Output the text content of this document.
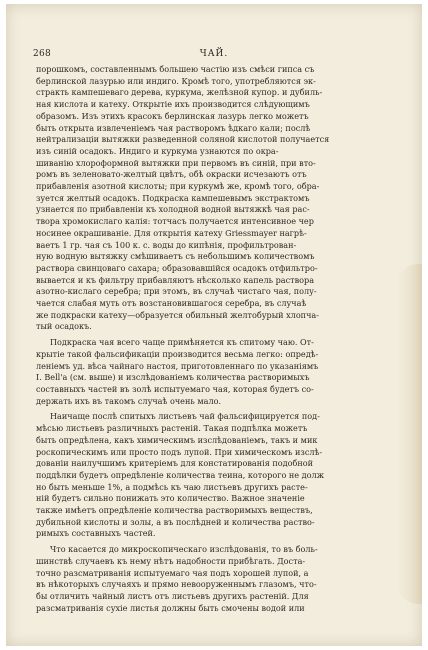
268	ЧАЙ.
порошкомъ, составленнымъ большею частію изъ смѣси гипса съ
берлинской лазурью или индиго. Кромѣ того, употребляются эк-
стракть кампешеваго дерева, куркума, желѣзной купор. и дубиль-
ная кислота и катеху. Открытіе ихъ производится слѣдующимъ
образомъ. Изъ этихъ красокъ берлинская лазурь легко можетъ
быть открыта извлеченіемъ чая растворомъ ѣдкаго кали; послѣ
нейтрализаціи вытяжки разведенной соляной кислотой получается
изъ синій осадокъ. Индиго и куркума узнаются по окра-
шиванію хлороформной вытяжки при первомъ въ синій, при вто-
ромъ въ зеленовато-желтый цвѣтъ, обѣ окраски исчезаютъ отъ
прибавленія азотной кислоты; при куркумѣ же, кромѣ того, обра-
зуется желтый осадокъ. Подкраска кампешевымъ экстрактомъ
узнается по прибавленіи къ холодной водной вытяжкѣ чая рас-
твора хромокислаго калія: тотчасъ получается интенсивное чер
носинее окрашиваніе. Для открытія катеху Griessmayer нагрѣ-
ваетъ 1 гр. чая съ 100 к. с. воды до кипѣнія, профильтрован-
ную водную вытяжку смѣшиваетъ съ небольшимъ количествомъ
раствора свинцоваго сахара; образовавшійся осадокъ отфильтро-
вывается и къ фильтру прибавляютъ нѣсколько капель раствора
азотно-кислаго серебра; при этомъ, въ случаѣ чистаго чая, полу-
чается слабая муть отъ возстановившагося серебра, въ случаѣ
же подкраски катеху—образуется обильный желтобурый хлопча-
тый осадокъ.
Подкраска чая всего чаще примѣняется къ спитому чаю. От-
крытіе такой фальсификаціи производится весьма легко: опредѣ-
леніемъ уд. вѣса чайнаго настоя, приготовленнаго по указаніямъ
I. Bell'a (см. выше) и изслѣдованіемъ количества растворимыхъ
составныхъ частей въ золѣ испытуемаго чая, которая будетъ со-
держать ихъ въ такомъ случаѣ очень мало.
Наичаще послѣ спитыхъ листьевъ чай фальсифицируется под-
мѣсью листьевъ различныхъ растеній. Такая подпѣлка можетъ
быть опредѣлена, какъ химическимъ изслѣдованіемъ, такъ и мик
роскопическимъ или просто подъ лупой. При химическомъ изслѣ-
дованіи наилучшимъ критеріемъ для констатированія подобной
поддѣлки будетъ опредѣленіе количества теина, которого не долж
но быть меньше 1%, а подмѣсь къ чаю листьевъ другихъ расте-
ній будетъ сильно понижать это количество. Важное значеніе
также имѣетъ опредѣленіе количества растворимыхъ веществъ,
дубильной кислоты и золы, а въ послѣдней и количества раство-
римыхъ составныхъ частей.
Что касается до микроскопическаго изслѣдованія, то въ боль-
шинствѣ случаевъ къ нему нѣтъ надобности прибѣгать. Доста-
точно разсматриванія испытуемаго чая подъ хорошей лупой, а
въ нѣкоторыхъ случаяхъ и прямо невооруженнымъ глазомъ, что-
бы отличить чайный листъ отъ листьевъ другихъ растеній. Для
разсматриванія сухіе листья должны быть смочены водой или
